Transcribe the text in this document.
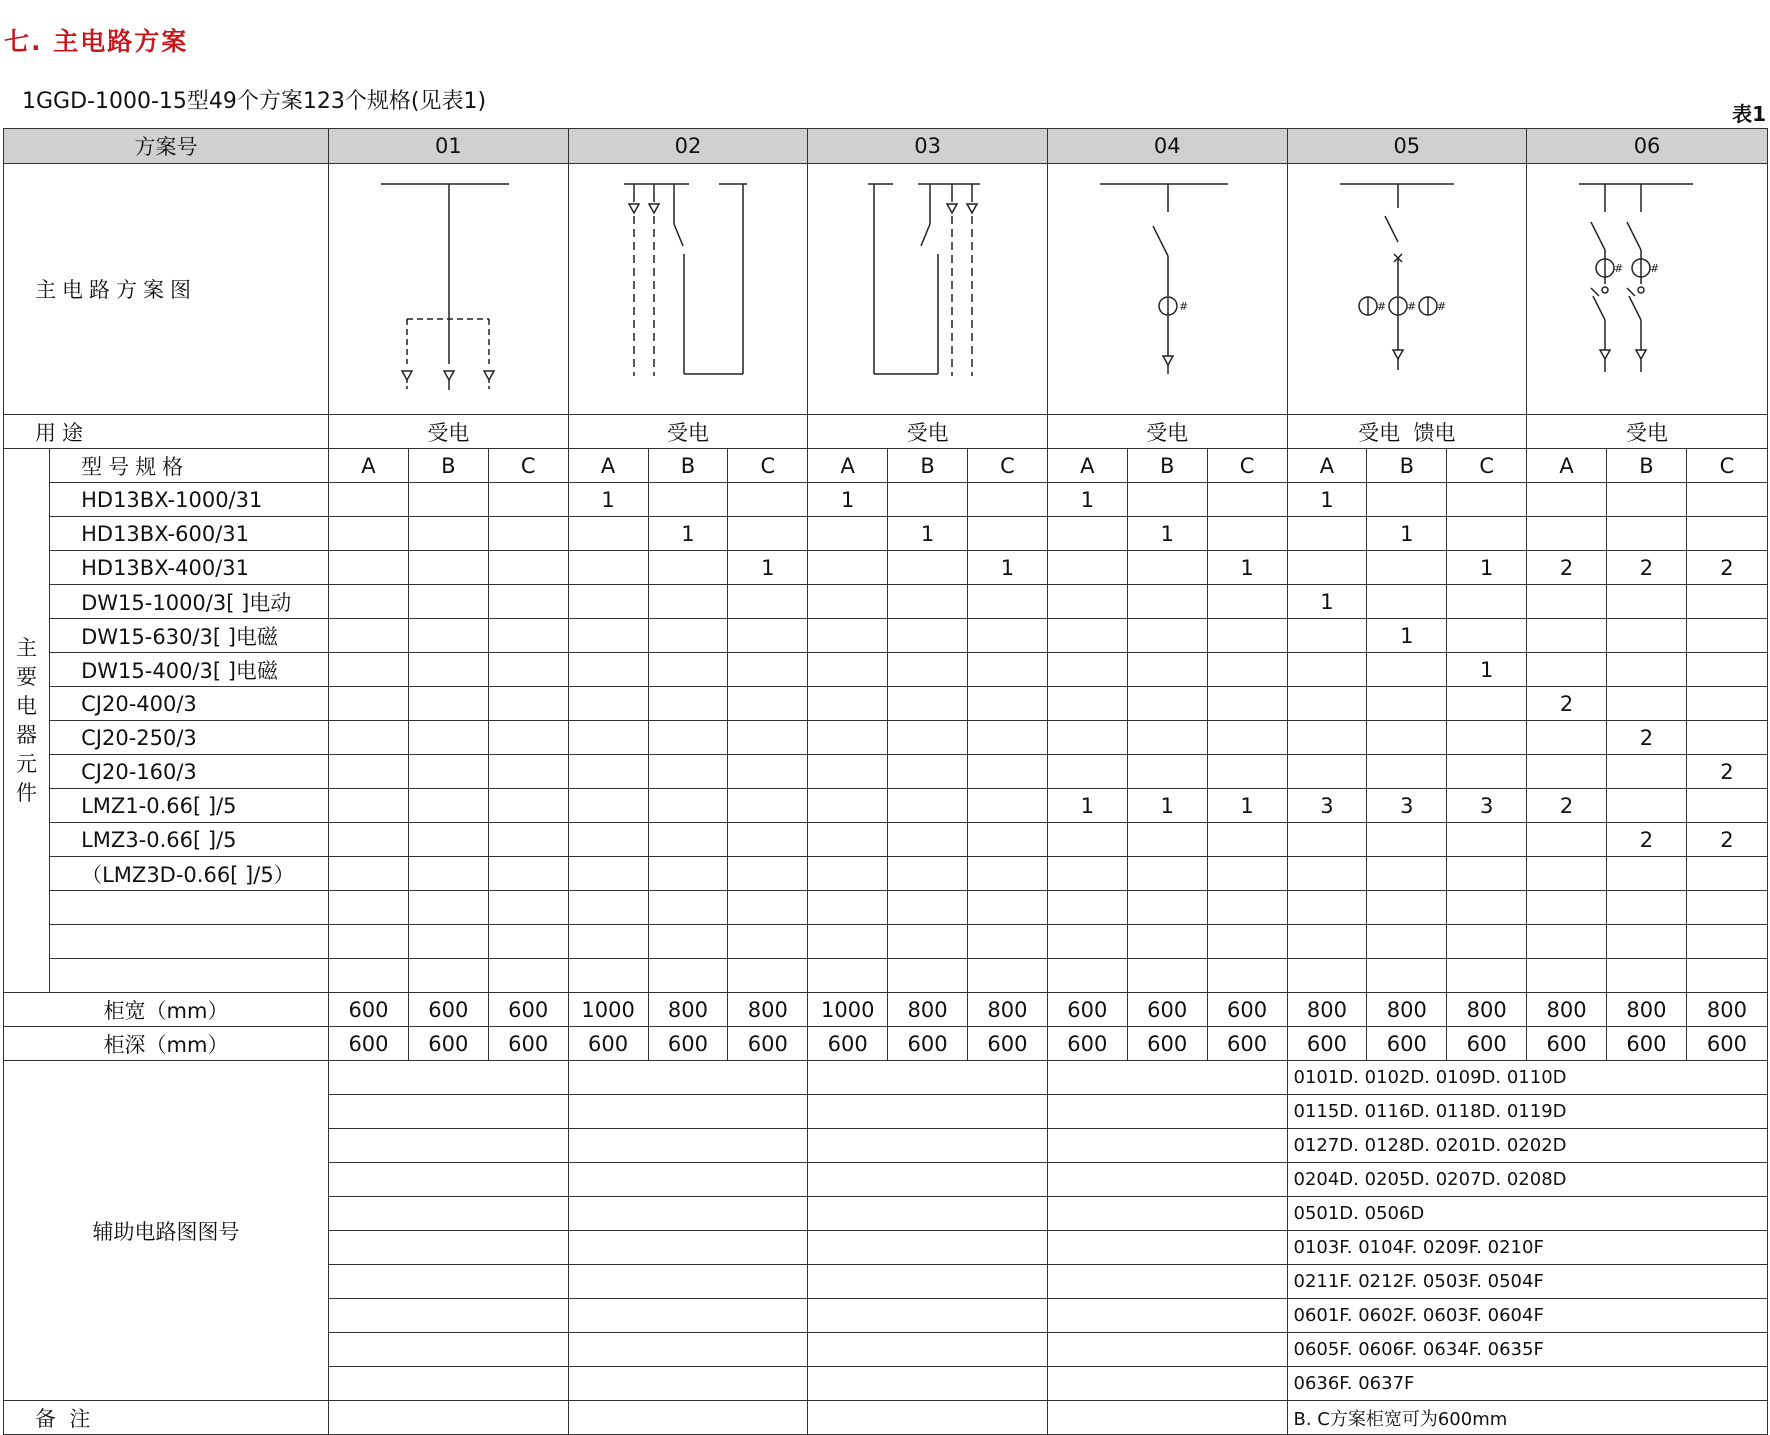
七. 主电路方案
1GGD-1000-15型49个方案123个规格(见表1)	表1
方案号		01			02			03			04			05			06		
主电路方案图											#			# # #			# #		

用途		受电			受电			受电			受电			受电  馈电			受电		
主要电器元件	型号规格	A	B	C	A	B	C	A	B	C	A	B	C	A	B	C	A	B	C
	HD13BX-1000/31				1			1			1			1					
	HD13BX-600/31					1			1			1			1				
	HD13BX-400/31						1			1			1			1	2	2	2
	DW15-1000/3[ ]电动													1					
	DW15-630/3[ ]电磁														1				
	DW15-400/3[ ]电磁															1			
	CJ20-400/3																2		
	CJ20-250/3																	2	
	CJ20-160/3																		2
	LMZ1-0.66[ ]/5										1	1	1	3	3	3	2		
	LMZ3-0.66[ ]/5																	2	2
	（LMZ3D-0.66[ ]/5）																		

柜宽（mm）		600	600	600	1000	800	800	1000	800	800	600	600	600	800	800	800	800	800	800
柜深（mm）		600	600	600	600	600	600	600	600	600	600	600	600	600	600	600	600	600	600
辅助电路图图号														0101D. 0102D. 0109D. 0110D					
														0115D. 0116D. 0118D. 0119D					
														0127D. 0128D. 0201D. 0202D					
														0204D. 0205D. 0207D. 0208D					
														0501D. 0506D					
														0103F. 0104F. 0209F. 0210F					
														0211F. 0212F. 0503F. 0504F					
														0601F. 0602F. 0603F. 0604F					
														0605F. 0606F. 0634F. 0635F					
														0636F. 0637F					
备  注														B. C方案柜宽可为600mm					
